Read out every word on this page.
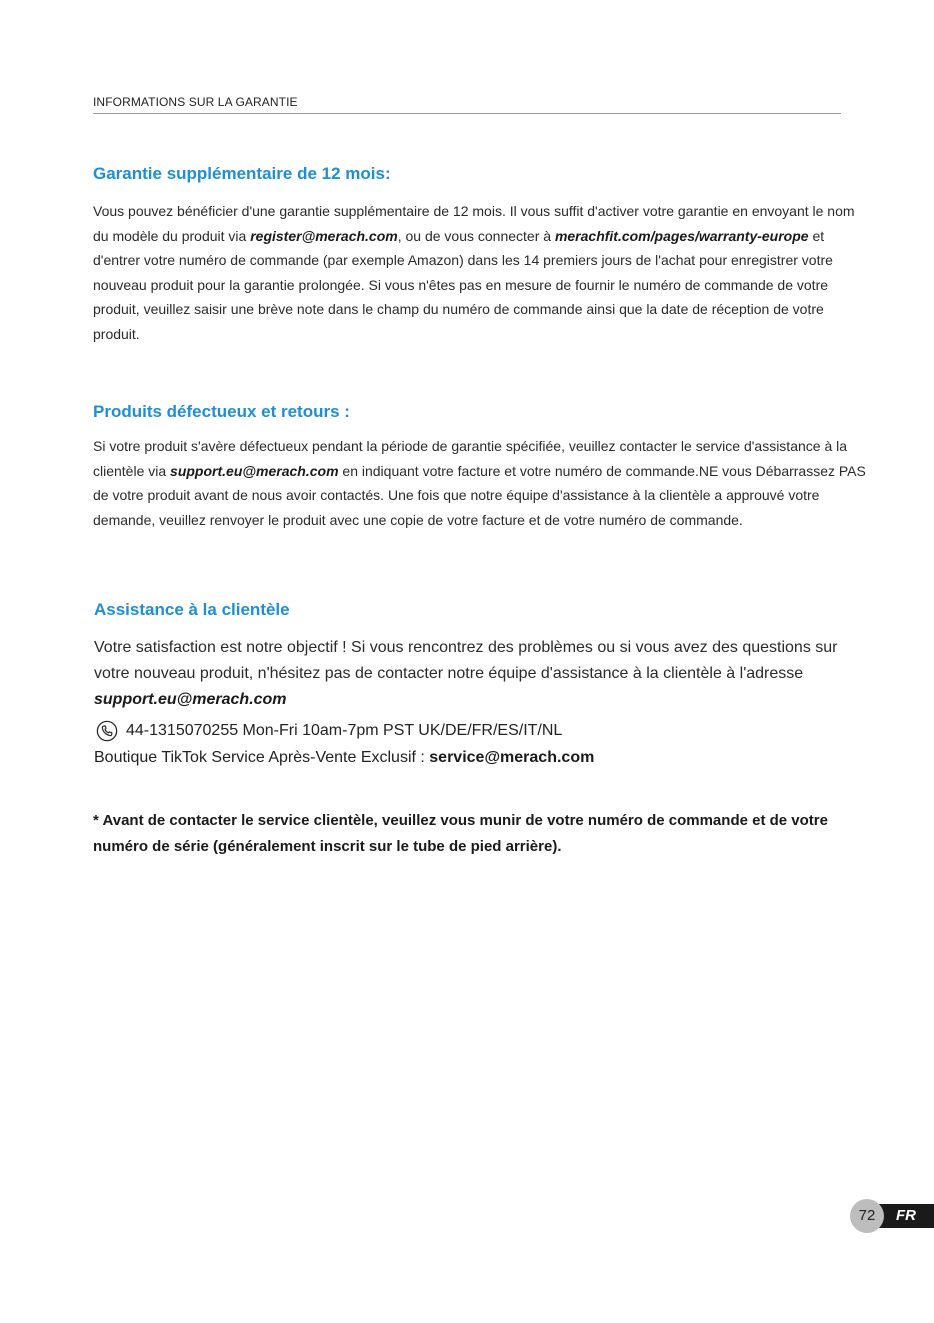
INFORMATIONS SUR LA GARANTIE
Garantie supplémentaire de 12 mois:
Vous pouvez bénéficier d'une garantie supplémentaire de 12 mois. Il vous suffit d'activer votre garantie en envoyant le nom du modèle du produit via register@merach.com, ou de vous connecter à merachfit.com/pages/warranty-europe et d'entrer votre numéro de commande (par exemple Amazon) dans les 14 premiers jours de l'achat pour enregistrer votre nouveau produit pour la garantie prolongée. Si vous n'êtes pas en mesure de fournir le numéro de commande de votre produit, veuillez saisir une brève note dans le champ du numéro de commande ainsi que la date de réception de votre produit.
Produits défectueux et retours :
Si votre produit s'avère défectueux pendant la période de garantie spécifiée, veuillez contacter le service d'assistance à la clientèle via support.eu@merach.com en indiquant votre facture et votre numéro de commande.NE vous Débarrassez PAS de votre produit avant de nous avoir contactés. Une fois que notre équipe d'assistance à la clientèle a approuvé votre demande, veuillez renvoyer le produit avec une copie de votre facture et de votre numéro de commande.
Assistance à la clientèle
Votre satisfaction est notre objectif ! Si vous rencontrez des problèmes ou si vous avez des questions sur votre nouveau produit, n'hésitez pas de contacter notre équipe d'assistance à la clientèle à l'adresse support.eu@merach.com
44-1315070255 Mon-Fri 10am-7pm PST UK/DE/FR/ES/IT/NL
Boutique TikTok Service Après-Vente Exclusif : service@merach.com
* Avant de contacter le service clientèle, veuillez vous munir de votre numéro de commande et de votre numéro de série (généralement inscrit sur le tube de pied arrière).
FR
72
